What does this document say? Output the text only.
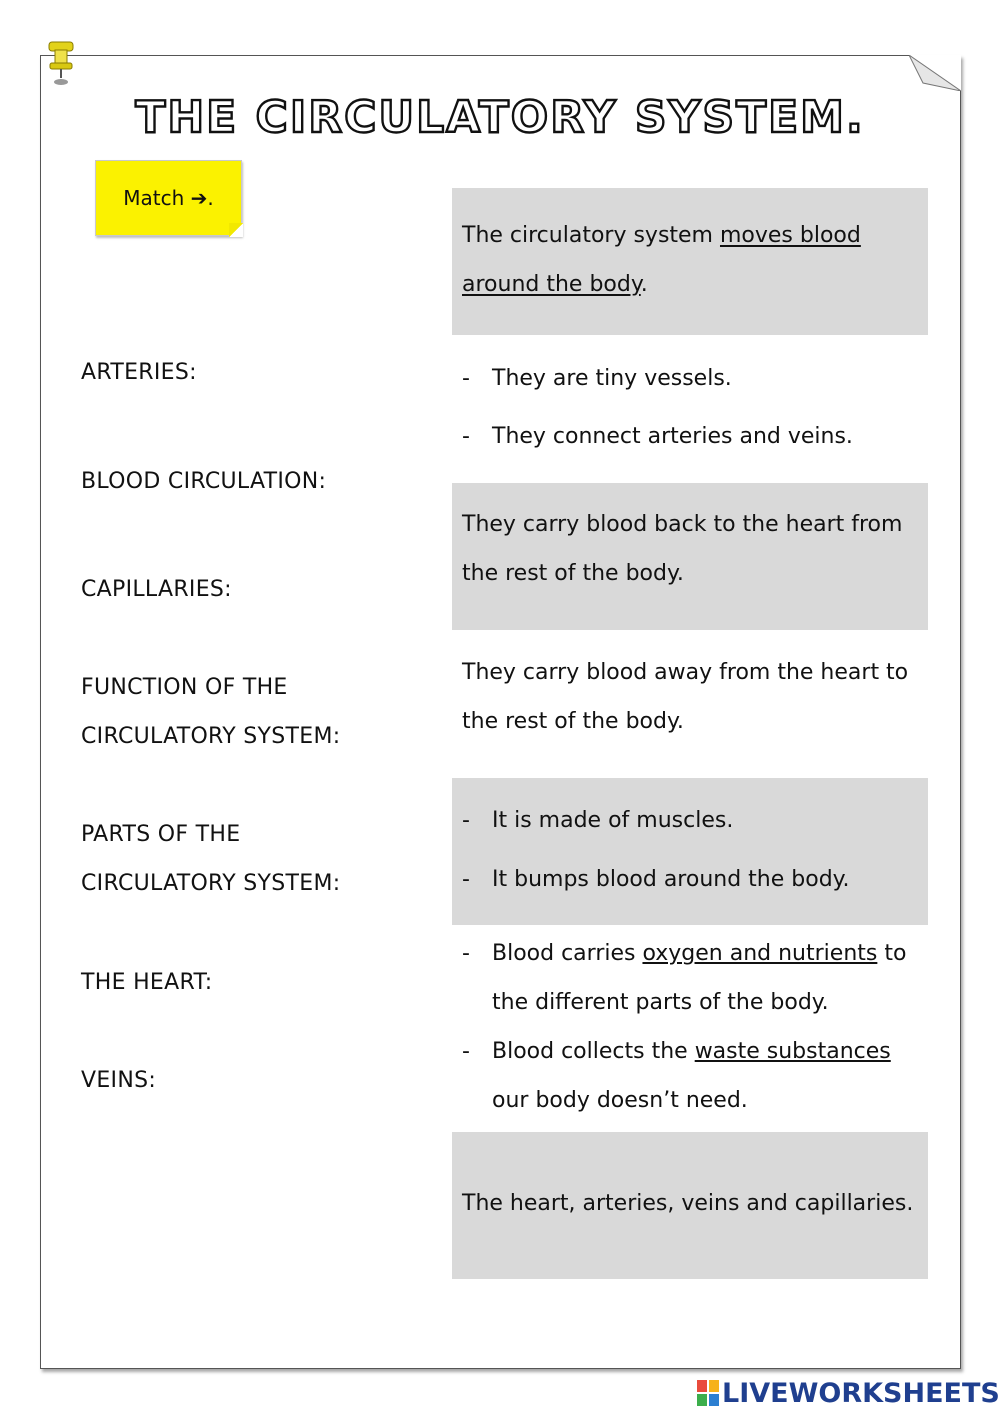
THE CIRCULATORY SYSTEM.
Match ➔.
ARTERIES:
BLOOD CIRCULATION:
CAPILLARIES:
FUNCTION OF THE
CIRCULATORY SYSTEM:
PARTS OF THE
CIRCULATORY SYSTEM:
THE HEART:
VEINS:
The circulatory system moves blood
around the body.
- They are tiny vessels.
- They connect arteries and veins.
They carry blood back to the heart from
the rest of the body.
They carry blood away from the heart to
the rest of the body.
- It is made of muscles.
- It bumps blood around the body.
- Blood carries oxygen and nutrients to
the different parts of the body.
- Blood collects the waste substances
our body doesn’t need.
The heart, arteries, veins and capillaries.
LIVEWORKSHEETS
